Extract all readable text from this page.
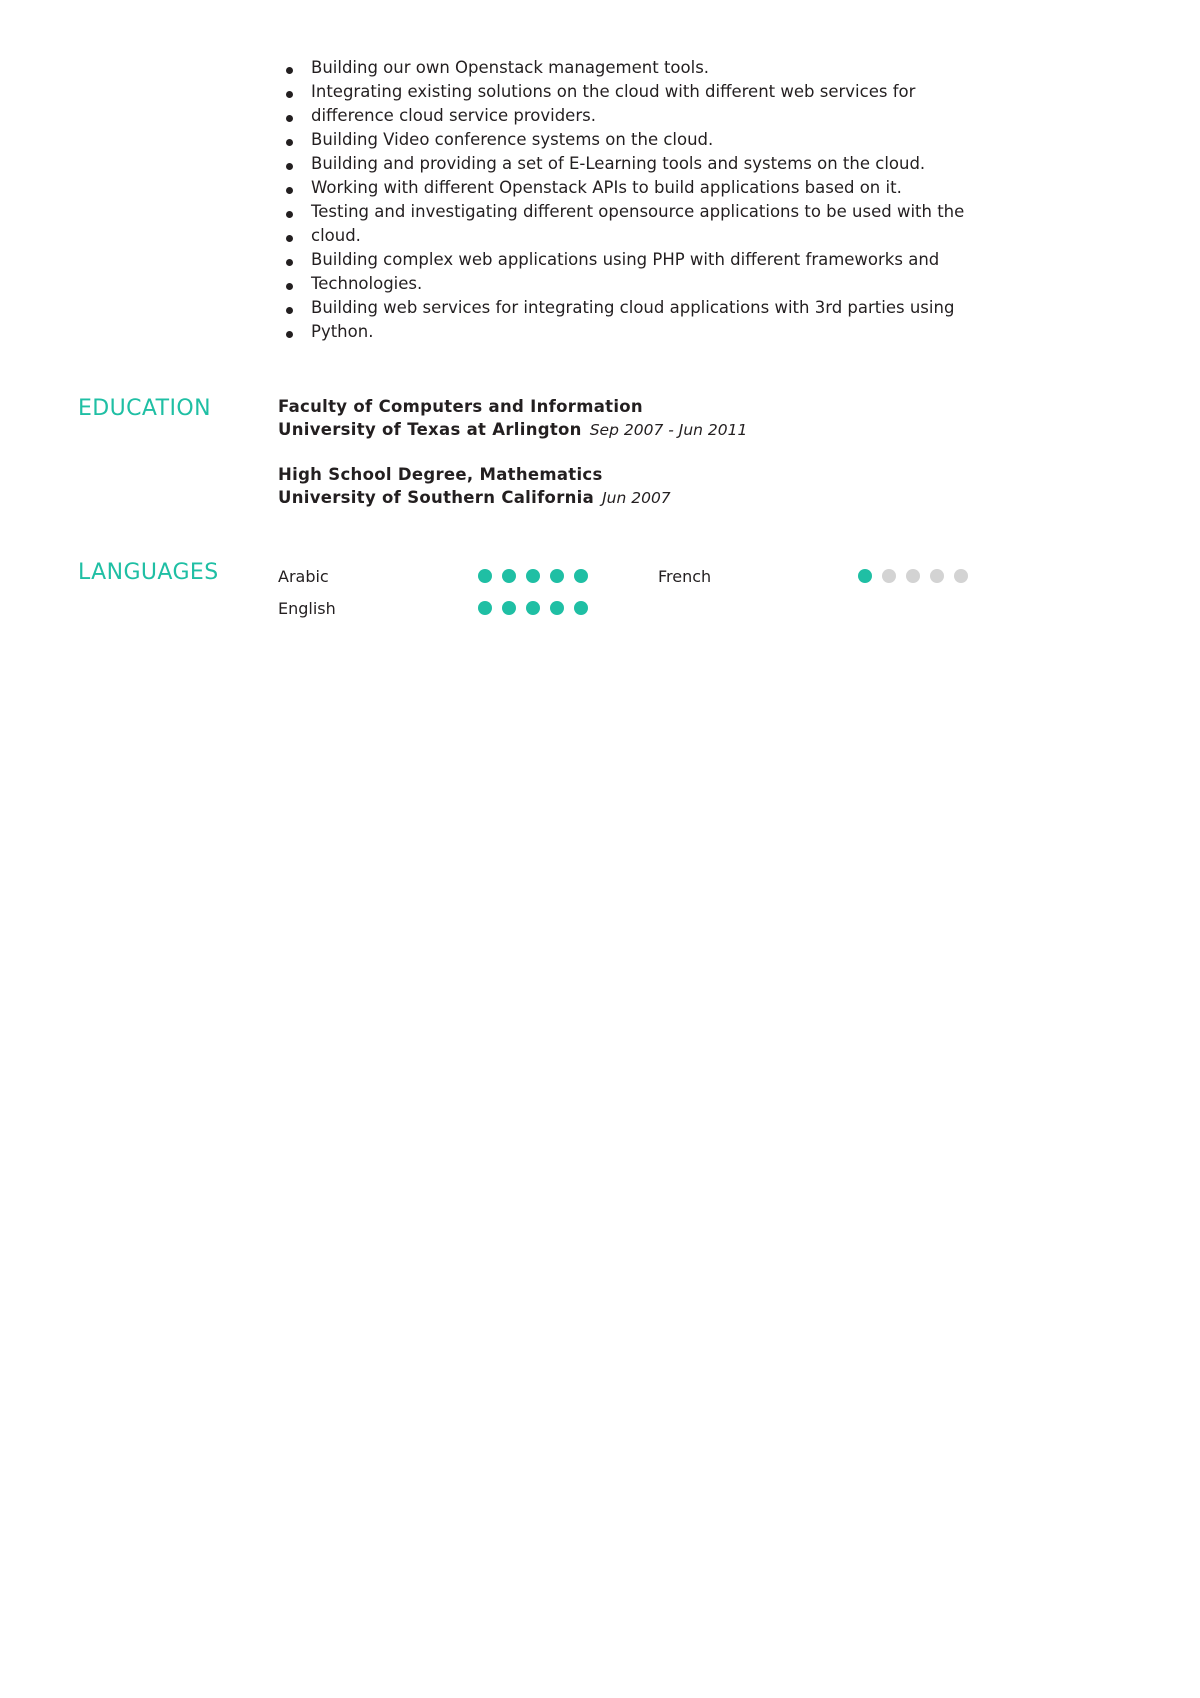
Building our own Openstack management tools.
Integrating existing solutions on the cloud with different web services for
difference cloud service providers.
Building Video conference systems on the cloud.
Building and providing a set of E-Learning tools and systems on the cloud.
Working with different Openstack APIs to build applications based on it.
Testing and investigating different opensource applications to be used with the
cloud.
Building complex web applications using PHP with different frameworks and
Technologies.
Building web services for integrating cloud applications with 3rd parties using
Python.
EDUCATION	Faculty of Computers and Information
University of Texas at Arlington Sep 2007 - Jun 2011
High School Degree, Mathematics
University of Southern California Jun 2007
LANGUAGES	Arabic
English
French
